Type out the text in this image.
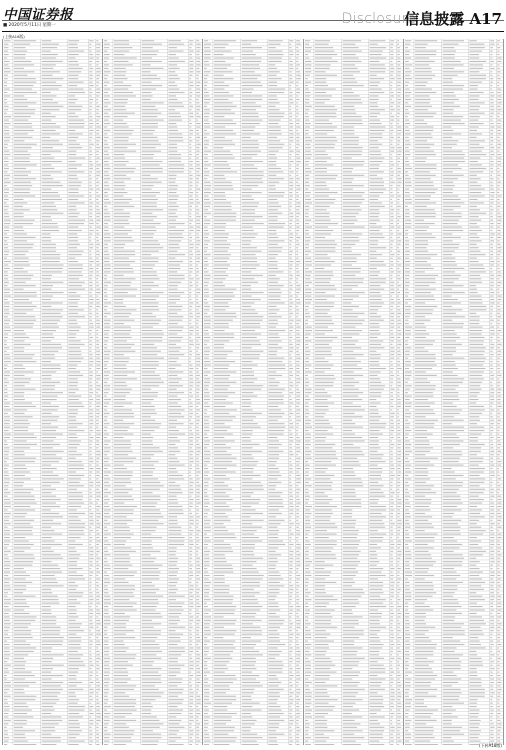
中国证券报
■ 2020年5月11日 星期一	Disclosure
信息披露 A17
(上接A16版)
(下转A18版)
